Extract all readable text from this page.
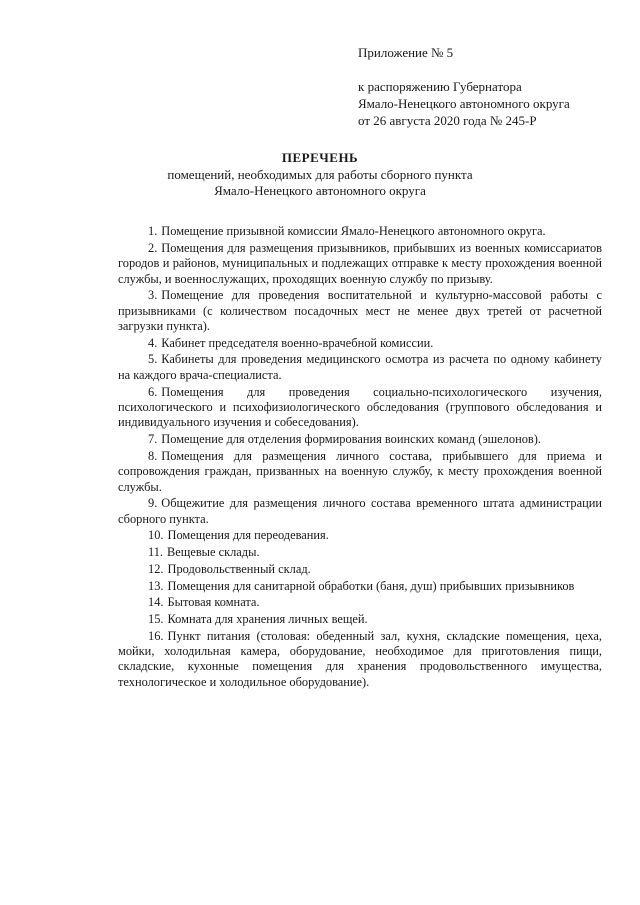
Приложение № 5
к распоряжению Губернатора
Ямало-Ненецкого автономного округа
от 26 августа 2020 года № 245-Р
ПЕРЕЧЕНЬ
помещений, необходимых для работы сборного пункта
Ямало-Ненецкого автономного округа

1. Помещение призывной комиссии Ямало-Ненецкого автономного округа.

2. Помещения для размещения призывников, прибывших из военных комиссариатов городов и районов, муниципальных и подлежащих отправке к месту прохождения военной службы, и военнослужащих, проходящих военную службу по призыву.

3. Помещение для проведения воспитательной и культурно-массовой работы с призывниками (с количеством посадочных мест не менее двух третей от расчетной загрузки пункта).

4. Кабинет председателя военно-врачебной комиссии.

5. Кабинеты для проведения медицинского осмотра из расчета по одному кабинету на каждого врача-специалиста.

6. Помещения для проведения социально-психологического изучения, психологического и психофизиологического обследования (группового обследования и индивидуального изучения и собеседования).

7. Помещение для отделения формирования воинских команд (эшелонов).

8. Помещения для размещения личного состава, прибывшего для приема и сопровождения граждан, призванных на военную службу, к месту прохождения военной службы.

9. Общежитие для размещения личного состава временного штата администрации сборного пункта.

10. Помещения для переодевания.

11. Вещевые склады.

12. Продовольственный склад.

13. Помещения для санитарной обработки (баня, душ) прибывших призывников

14. Бытовая комната.

15. Комната для хранения личных вещей.

16. Пункт питания (столовая: обеденный зал, кухня, складские помещения, цеха, мойки, холодильная камера, оборудование, необходимое для приготовления пищи, складские, кухонные помещения для хранения продовольственного имущества, технологическое и холодильное оборудование).
